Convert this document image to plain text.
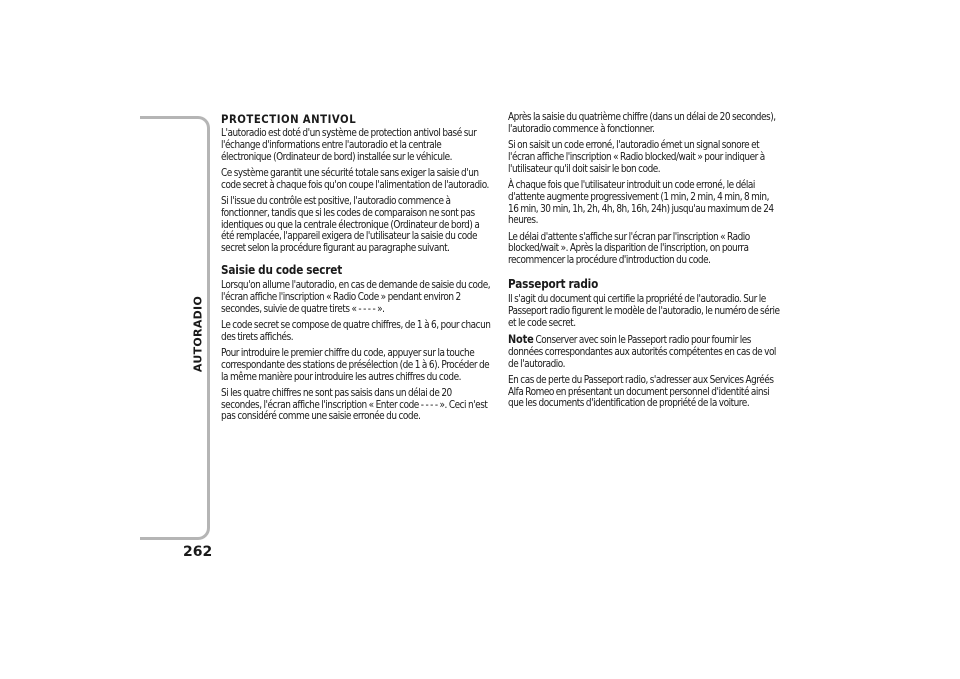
AUTORADIO
262
PROTECTION ANTIVOL

L'autoradio est doté d'un système de protection antivol basé sur l'échange d'informations entre l'autoradio et la centrale électronique (Ordinateur de bord) installée sur le véhicule.

Ce système garantit une sécurité totale sans exiger la saisie d'un code secret à chaque fois qu'on coupe l'alimentation de l'autoradio.

Si l'issue du contrôle est positive, l'autoradio commence à fonctionner, tandis que si les codes de comparaison ne sont pas identiques ou que la centrale électronique (Ordinateur de bord) a été remplacée, l'appareil exigera de l'utilisateur la saisie du code secret selon la procédure figurant au paragraphe suivant.

Saisie du code secret

Lorsqu'on allume l'autoradio, en cas de demande de saisie du code, l'écran affiche l'inscription « Radio Code » pendant environ 2 secondes, suivie de quatre tirets « - - - - ».

Le code secret se compose de quatre chiffres, de 1 à 6, pour chacun des tirets affichés.

Pour introduire le premier chiffre du code, appuyer sur la touche correspondante des stations de présélection (de 1 à 6). Procéder de la même manière pour introduire les autres chiffres du code.

Si les quatre chiffres ne sont pas saisis dans un délai de 20 secondes, l'écran affiche l'inscription « Enter code - - - - ». Ceci n'est pas considéré comme une saisie erronée du code.

Après la saisie du quatrième chiffre (dans un délai de 20 secondes), l'autoradio commence à fonctionner.

Si on saisit un code erroné, l'autoradio émet un signal sonore et l'écran affiche l'inscription « Radio blocked/wait » pour indiquer à l'utilisateur qu'il doit saisir le bon code.

À chaque fois que l'utilisateur introduit un code erroné, le délai d'attente augmente progressivement (1 min, 2 min, 4 min, 8 min, 16 min, 30 min, 1h, 2h, 4h, 8h, 16h, 24h) jusqu'au maximum de 24 heures.

Le délai d'attente s'affiche sur l'écran par l'inscription « Radio blocked/wait ». Après la disparition de l'inscription, on pourra recommencer la procédure d'introduction du code.

Passeport radio

Il s'agit du document qui certifie la propriété de l'autoradio. Sur le Passeport radio figurent le modèle de l'autoradio, le numéro de série et le code secret.

Note Conserver avec soin le Passeport radio pour fournir les données correspondantes aux autorités compétentes en cas de vol de l'autoradio.

En cas de perte du Passeport radio, s'adresser aux Services Agréés Alfa Romeo en présentant un document personnel d'identité ainsi que les documents d'identification de propriété de la voiture.
